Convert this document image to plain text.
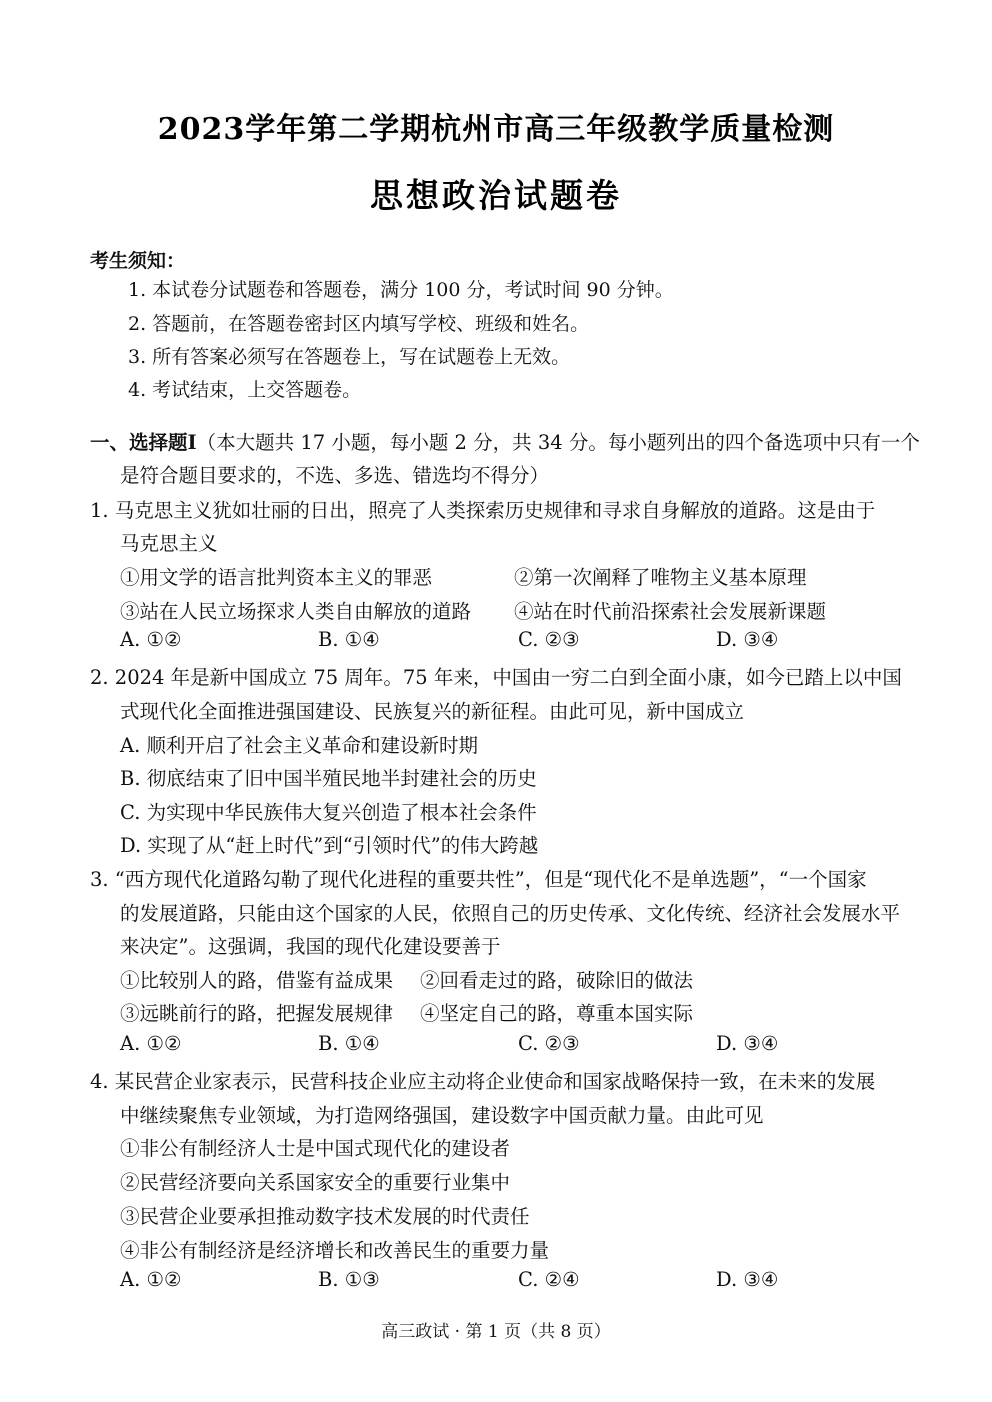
2023学年第二学期杭州市高三年级教学质量检测
思想政治试题卷
考生须知：
1. 本试卷分试题卷和答题卷，满分 100 分，考试时间 90 分钟。
2. 答题前，在答题卷密封区内填写学校、班级和姓名。
3. 所有答案必须写在答题卷上，写在试题卷上无效。
4. 考试结束，上交答题卷。
一、选择题Ⅰ（本大题共 17 小题，每小题 2 分，共 34 分。每小题列出的四个备选项中只有一个
是符合题目要求的，不选、多选、错选均不得分）
1. 马克思主义犹如壮丽的日出，照亮了人类探索历史规律和寻求自身解放的道路。这是由于
马克思主义
①用文学的语言批判资本主义的罪恶	②第一次阐释了唯物主义基本原理
③站在人民立场探求人类自由解放的道路 ④站在时代前沿探索社会发展新课题
A. ①②	B. ①④	C. ②③	D. ③④
2. 2024 年是新中国成立 75 周年。75 年来，中国由一穷二白到全面小康，如今已踏上以中国
式现代化全面推进强国建设、民族复兴的新征程。由此可见，新中国成立
A. 顺利开启了社会主义革命和建设新时期
B. 彻底结束了旧中国半殖民地半封建社会的历史
C. 为实现中华民族伟大复兴创造了根本社会条件
D. 实现了从“赶上时代”到“引领时代”的伟大跨越
3. “西方现代化道路勾勒了现代化进程的重要共性”，但是“现代化不是单选题”，“一个国家
的发展道路，只能由这个国家的人民，依照自己的历史传承、文化传统、经济社会发展水平
来决定”。这强调，我国的现代化建设要善于
①比较别人的路，借鉴有益成果 ②回看走过的路，破除旧的做法
③远眺前行的路，把握发展规律 ④坚定自己的路，尊重本国实际
A. ①②	B. ①④	C. ②③	D. ③④
4. 某民营企业家表示，民营科技企业应主动将企业使命和国家战略保持一致，在未来的发展
中继续聚焦专业领域，为打造网络强国，建设数字中国贡献力量。由此可见
①非公有制经济人士是中国式现代化的建设者
②民营经济要向关系国家安全的重要行业集中
③民营企业要承担推动数字技术发展的时代责任
④非公有制经济是经济增长和改善民生的重要力量
A. ①②	B. ①③	C. ②④	D. ③④
高三政试 · 第 1 页（共 8 页）
